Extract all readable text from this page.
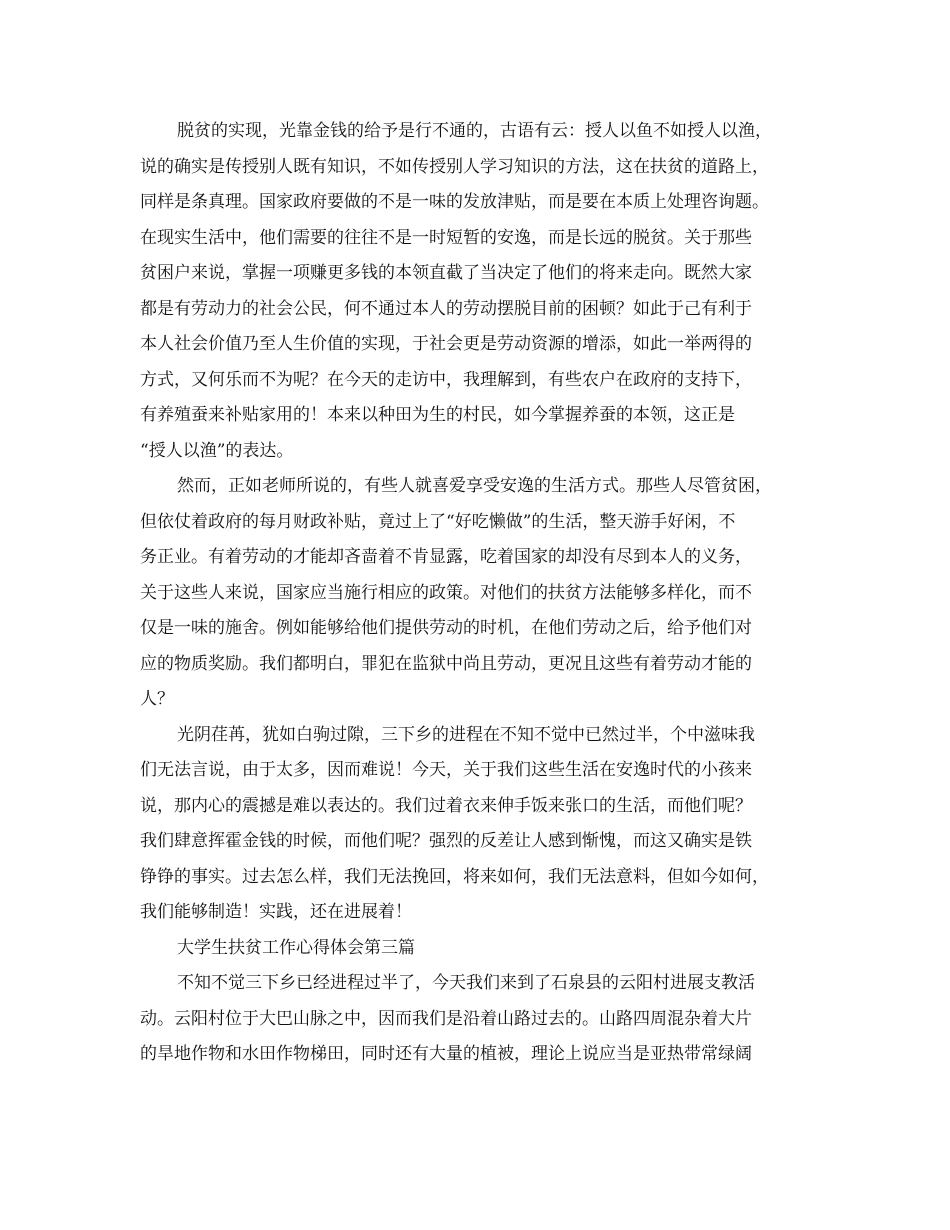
脱贫的实现，光靠金钱的给予是行不通的，古语有云：授人以鱼不如授人以渔，
说的确实是传授别人既有知识，不如传授别人学习知识的方法，这在扶贫的道路上，
同样是条真理。国家政府要做的不是一味的发放津贴，而是要在本质上处理咨询题。
在现实生活中，他们需要的往往不是一时短暂的安逸，而是长远的脱贫。关于那些
贫困户来说，掌握一项赚更多钱的本领直截了当决定了他们的将来走向。既然大家
都是有劳动力的社会公民，何不通过本人的劳动摆脱目前的困顿？如此于己有利于
本人社会价值乃至人生价值的实现，于社会更是劳动资源的增添，如此一举两得的
方式，又何乐而不为呢？在今天的走访中，我理解到，有些农户在政府的支持下，
有养殖蚕来补贴家用的！本来以种田为生的村民，如今掌握养蚕的本领，这正是
“授人以渔”的表达。
然而，正如老师所说的，有些人就喜爱享受安逸的生活方式。那些人尽管贫困，
但依仗着政府的每月财政补贴，竟过上了“好吃懒做”的生活，整天游手好闲，不
务正业。有着劳动的才能却吝啬着不肯显露，吃着国家的却没有尽到本人的义务，
关于这些人来说，国家应当施行相应的政策。对他们的扶贫方法能够多样化，而不
仅是一味的施舍。例如能够给他们提供劳动的时机，在他们劳动之后，给予他们对
应的物质奖励。我们都明白，罪犯在监狱中尚且劳动，更况且这些有着劳动才能的
人？
光阴荏苒，犹如白驹过隙，三下乡的进程在不知不觉中已然过半，个中滋味我
们无法言说，由于太多，因而难说！今天，关于我们这些生活在安逸时代的小孩来
说，那内心的震撼是难以表达的。我们过着衣来伸手饭来张口的生活，而他们呢？
我们肆意挥霍金钱的时候，而他们呢？强烈的反差让人感到惭愧，而这又确实是铁
铮铮的事实。过去怎么样，我们无法挽回，将来如何，我们无法意料，但如今如何，
我们能够制造！实践，还在进展着！
大学生扶贫工作心得体会第三篇
不知不觉三下乡已经进程过半了，今天我们来到了石泉县的云阳村进展支教活
动。云阳村位于大巴山脉之中，因而我们是沿着山路过去的。山路四周混杂着大片
的旱地作物和水田作物梯田，同时还有大量的植被，理论上说应当是亚热带常绿阔
